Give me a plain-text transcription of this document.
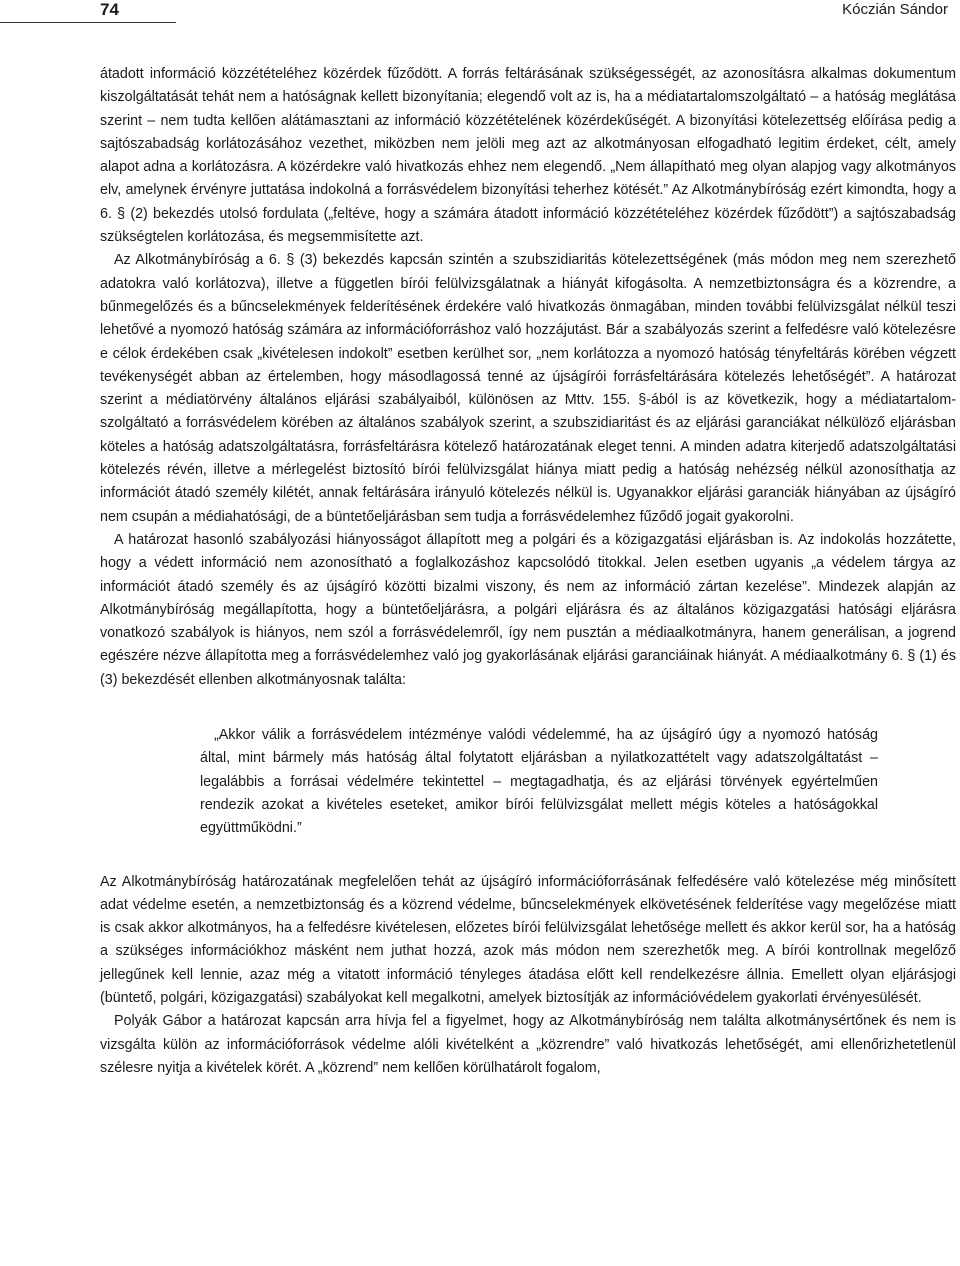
74	Kóczián Sándor

átadott információ közzétételéhez közérdek fűződött. A forrás feltárásának szükségességét, az azonosításra alkalmas dokumentum kiszolgáltatását tehát nem a hatóságnak kellett bizonyítania; elegendő volt az is, ha a médiatartalomszolgáltató – a hatóság meglátása szerint – nem tudta kellően alátámasztani az információ közzétételének közérdekűségét. A bizonyítási kötelezettség előírása pedig a sajtószabadság korlátozásához vezethet, miközben nem jelöli meg azt az alkotmányosan elfogadható legitim érdeket, célt, amely alapot adna a korlátozásra. A közérdekre való hivatkozás ehhez nem elegendő. „Nem állapítható meg olyan alapjog vagy alkotmányos elv, amelynek érvényre juttatása indokolná a forrásvédelem bizonyítási teherhez kötését.” Az Alkotmánybíróság ezért kimondta, hogy a 6. § (2) bekezdés utolsó fordulata („feltéve, hogy a számára átadott információ közzétételéhez közérdek fűződött”) a sajtószabadság szükségtelen korlátozása, és megsemmisítette azt.

Az Alkotmánybíróság a 6. § (3) bekezdés kapcsán szintén a szubszidiaritás kötelezettségének (más módon meg nem szerezhető adatokra való korlátozva), illetve a független bírói felülvizsgálatnak a hiányát kifogásolta. A nemzetbiztonságra és a közrendre, a bűnmegelőzés és a bűncselekmények felderítésének érdekére való hivatkozás önmagában, minden további felülvizsgálat nélkül teszi lehetővé a nyomozó hatóság számára az információforráshoz való hozzájutást. Bár a szabályozás szerint a felfedésre való kötelezésre e célok érdekében csak „kivételesen indokolt” esetben kerülhet sor, „nem korlátozza a nyomozó hatóság tényfeltárás körében végzett tevékenységét abban az értelemben, hogy másodlagossá tenné az újságírói forrásfeltárására kötelezés lehetőségét”. A határozat szerint a médiatörvény általános eljárási szabályaiból, különösen az Mttv. 155. §-ából is az következik, hogy a médiatartalom-szolgáltató a forrásvédelem körében az általános szabályok szerint, a szubszidiaritást és az eljárási garanciákat nélkülöző eljárásban köteles a hatóság adatszolgáltatásra, forrásfeltárásra kötelező határozatának eleget tenni. A minden adatra kiterjedő adatszolgáltatási kötelezés révén, illetve a mérlegelést biztosító bírói felülvizsgálat hiánya miatt pedig a hatóság nehézség nélkül azonosíthatja az információt átadó személy kilétét, annak feltárására irányuló kötelezés nélkül is. Ugyanakkor eljárási garanciák hiányában az újságíró nem csupán a médiahatósági, de a büntetőeljárásban sem tudja a forrásvédelemhez fűződő jogait gyakorolni.

A határozat hasonló szabályozási hiányosságot állapított meg a polgári és a közigazgatási eljárásban is. Az indokolás hozzátette, hogy a védett információ nem azonosítható a foglalkozáshoz kapcsolódó titokkal. Jelen esetben ugyanis „a védelem tárgya az információt átadó személy és az újságíró közötti bizalmi viszony, és nem az információ zártan kezelése”. Mindezek alapján az Alkotmánybíróság megállapította, hogy a büntetőeljárásra, a polgári eljárásra és az általános közigazgatási hatósági eljárásra vonatkozó szabályok is hiányos, nem szól a forrásvédelemről, így nem pusztán a médiaalkotmányra, hanem generálisan, a jogrend egészére nézve állapította meg a forrásvédelemhez való jog gyakorlásának eljárási garanciáinak hiányát. A médiaalkotmány 6. § (1) és (3) bekezdését ellenben alkotmányosnak találta:

„Akkor válik a forrásvédelem intézménye valódi védelemmé, ha az újságíró úgy a nyomozó hatóság által, mint bármely más hatóság által folytatott eljárásban a nyilatkozattételt vagy adatszolgáltatást – legalábbis a forrásai védelmére tekintettel – megtagadhatja, és az eljárási törvények egyértelműen rendezik azokat a kivételes eseteket, amikor bírói felülvizsgálat mellett mégis köteles a hatóságokkal együttműködni.”

Az Alkotmánybíróság határozatának megfelelően tehát az újságíró információforrásának felfedésére való kötelezése még minősített adat védelme esetén, a nemzetbiztonság és a közrend védelme, bűncselekmények elkövetésének felderítése vagy megelőzése miatt is csak akkor alkotmányos, ha a felfedésre kivételesen, előzetes bírói felülvizsgálat lehetősége mellett és akkor kerül sor, ha a hatóság a szükséges információkhoz másként nem juthat hozzá, azok más módon nem szerezhetők meg. A bírói kontrollnak megelőző jellegűnek kell lennie, azaz még a vitatott információ tényleges átadása előtt kell rendelkezésre állnia. Emellett olyan eljárásjogi (büntető, polgári, közigazgatási) szabályokat kell megalkotni, amelyek biztosítják az információvédelem gyakorlati érvényesülését.

Polyák Gábor a határozat kapcsán arra hívja fel a figyelmet, hogy az Alkotmánybíróság nem találta alkotmánysértőnek és nem is vizsgálta külön az információforrások védelme alóli kivételként a „közrendre” való hivatkozás lehetőségét, ami ellenőrizhetetlenül szélesre nyitja a kivételek körét. A „közrend” nem kellően körülhatárolt fogalom,
